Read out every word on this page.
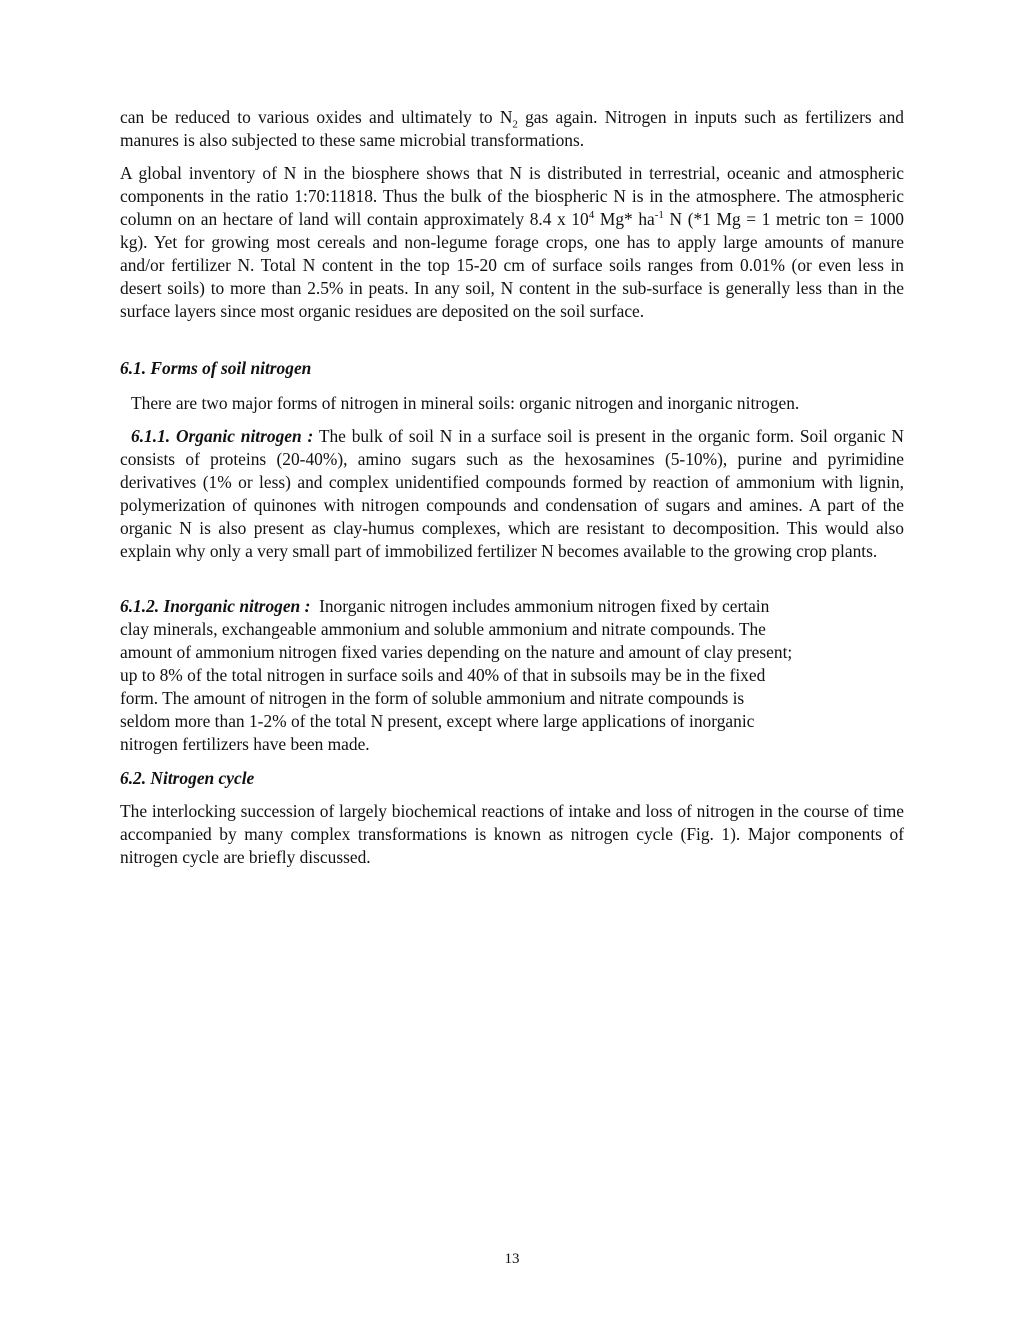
can be reduced to various oxides and ultimately to $N_2$ gas again. Nitrogen in inputs such as fertilizers and manures is also subjected to these same microbial transformations.

A global inventory of N in the biosphere shows that N is distributed in terrestrial, oceanic and atmospheric components in the ratio 1:70:11818. Thus the bulk of the biospheric N is in the atmosphere. The atmospheric column on an hectare of land will contain approximately 8.4 x $10^4$ Mg* $ha^{-1}$ N (*1 Mg = 1 metric ton = 1000 kg). Yet for growing most cereals and non-legume forage crops, one has to apply large amounts of manure and/or fertilizer N. Total N content in the top 15-20 cm of surface soils ranges from 0.01% (or even less in desert soils) to more than 2.5% in peats. In any soil, N content in the sub-surface is generally less than in the surface layers since most organic residues are deposited on the soil surface.

6.1. Forms of soil nitrogen

There are two major forms of nitrogen in mineral soils: organic nitrogen and inorganic nitrogen.

6.1.1. Organic nitrogen : The bulk of soil N in a surface soil is present in the organic form. Soil organic N consists of proteins (20-40%), amino sugars such as the hexosamines (5-10%), purine and pyrimidine derivatives (1% or less) and complex unidentified compounds formed by reaction of ammonium with lignin, polymerization of quinones with nitrogen compounds and condensation of sugars and amines. A part of the organic N is also present as clay-humus complexes, which are resistant to decomposition. This would also explain why only a very small part of immobilized fertilizer N becomes available to the growing crop plants.

6.1.2. Inorganic nitrogen :  Inorganic nitrogen includes ammonium nitrogen fixed by certain
clay minerals, exchangeable ammonium and soluble ammonium and nitrate compounds. The
amount of ammonium nitrogen fixed varies depending on the nature and amount of clay present;
up to 8% of the total nitrogen in surface soils and 40% of that in subsoils may be in the fixed
form. The amount of nitrogen in the form of soluble ammonium and nitrate compounds is
seldom more than 1-2% of the total N present, except where large applications of inorganic
nitrogen fertilizers have been made.

6.2. Nitrogen cycle

The interlocking succession of largely biochemical reactions of intake and loss of nitrogen in the course of time accompanied by many complex transformations is known as nitrogen cycle (Fig. 1). Major components of nitrogen cycle are briefly discussed.

13
